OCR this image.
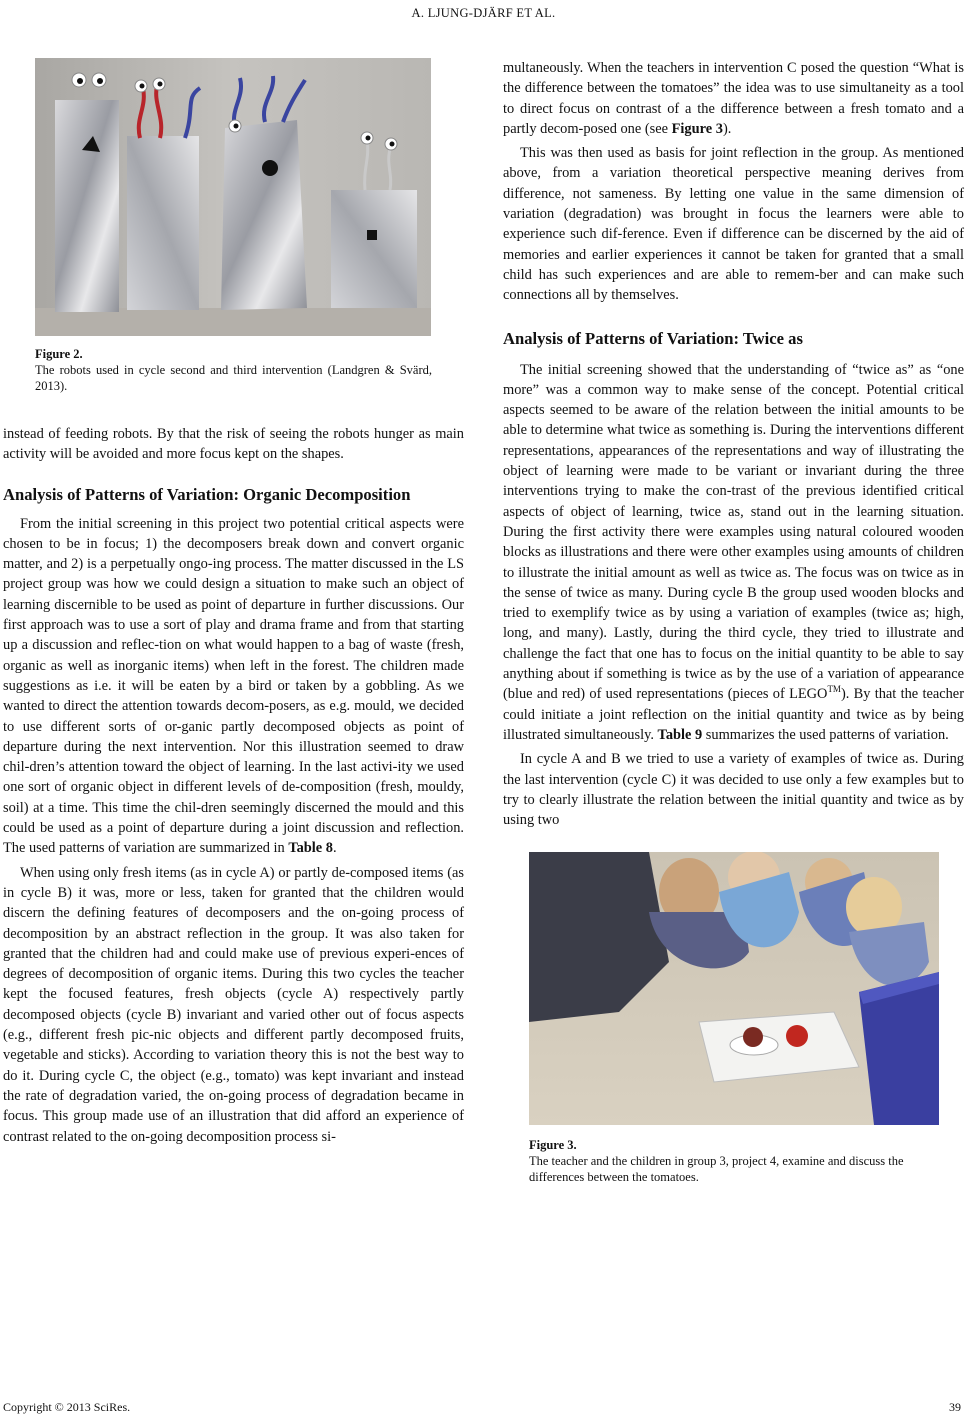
A. LJUNG-DJÄRF ET AL.
Figure 2.
The robots used in cycle second and third intervention (Landgren & Svärd, 2013).

instead of feeding robots. By that the risk of seeing the robots hunger as main activity will be avoided and more focus kept on the shapes.

Analysis of Patterns of Variation: Organic Decomposition

From the initial screening in this project two potential critical aspects were chosen to be in focus; 1) the decomposers break down and convert organic matter, and 2) is a perpetually ongo-ing process. The matter discussed in the LS project group was how we could design a situation to make such an object of learning discernible to be used as point of departure in further discussions. Our first approach was to use a sort of play and drama frame and from that starting up a discussion and reflec-tion on what would happen to a bag of waste (fresh, organic as well as inorganic items) when left in the forest. The children made suggestions as i.e. it will be eaten by a bird or taken by a gobbling. As we wanted to direct the attention towards decom-posers, as e.g. mould, we decided to use different sorts of or-ganic partly decomposed objects as point of departure during the next intervention. Nor this illustration seemed to draw chil-dren’s attention toward the object of learning. In the last activi-ity we used one sort of organic object in different levels of de-composition (fresh, mouldy, soil) at a time. This time the chil-dren seemingly discerned the mould and this could be used as a point of departure during a joint discussion and reflection. The used patterns of variation are summarized in Table 8.

When using only fresh items (as in cycle A) or partly de-composed items (as in cycle B) it was, more or less, taken for granted that the children would discern the defining features of decomposers and the on-going process of decomposition by an abstract reflection in the group. It was also taken for granted that the children had and could make use of previous experi-ences of degrees of decomposition of organic items. During this two cycles the teacher kept the focused features, fresh objects (cycle A) respectively partly decomposed objects (cycle B) invariant and varied other out of focus aspects (e.g., different fresh pic-nic objects and different partly decomposed fruits, vegetable and sticks). According to variation theory this is not the best way to do it. During cycle C, the object (e.g., tomato) was kept invariant and instead the rate of degradation varied, the on-going process of degradation became in focus. This group made use of an illustration that did afford an experience of contrast related to the on-going decomposition process si-

multaneously. When the teachers in intervention C posed the question “What is the difference between the tomatoes” the idea was to use simultaneity as a tool to direct focus on contrast of a the difference between a fresh tomato and a partly decom-posed one (see Figure 3).

This was then used as basis for joint reflection in the group. As mentioned above, from a variation theoretical perspective meaning derives from difference, not sameness. By letting one value in the same dimension of variation (degradation) was brought in focus the learners were able to experience such dif-ference. Even if difference can be discerned by the aid of memories and earlier experiences it cannot be taken for granted that a small child has such experiences and are able to remem-ber and can make such connections all by themselves.

Analysis of Patterns of Variation: Twice as

The initial screening showed that the understanding of “twice as” as “one more” was a common way to make sense of the concept. Potential critical aspects seemed to be aware of the relation between the initial amounts to be able to determine what twice as something is. During the interventions different representations, appearances of the representations and way of illustrating the object of learning were made to be variant or invariant during the three interventions trying to make the con-trast of the previous identified critical aspects of object of learning, twice as, stand out in the learning situation. During the first activity there were examples using natural coloured wooden blocks as illustrations and there were other examples using amounts of children to illustrate the initial amount as well as twice as. The focus was on twice as in the sense of twice as many. During cycle B the group used wooden blocks and tried to exemplify twice as by using a variation of examples (twice as; high, long, and many). Lastly, during the third cycle, they tried to illustrate and challenge the fact that one has to focus on the initial quantity to be able to say anything about if something is twice as by the use of a variation of appearance (blue and red) of used representations (pieces of LEGO™). By that the teacher could initiate a joint reflection on the initial quantity and twice as by being illustrated simultaneously. Table 9 summarizes the used patterns of variation.

In cycle A and B we tried to use a variety of examples of twice as. During the last intervention (cycle C) it was decided to use only a few examples but to try to clearly illustrate the relation between the initial quantity and twice as by using two

Figure 3.
The teacher and the children in group 3, project 4, examine and discuss the differences between the tomatoes.
Copyright © 2013 SciRes.	39
